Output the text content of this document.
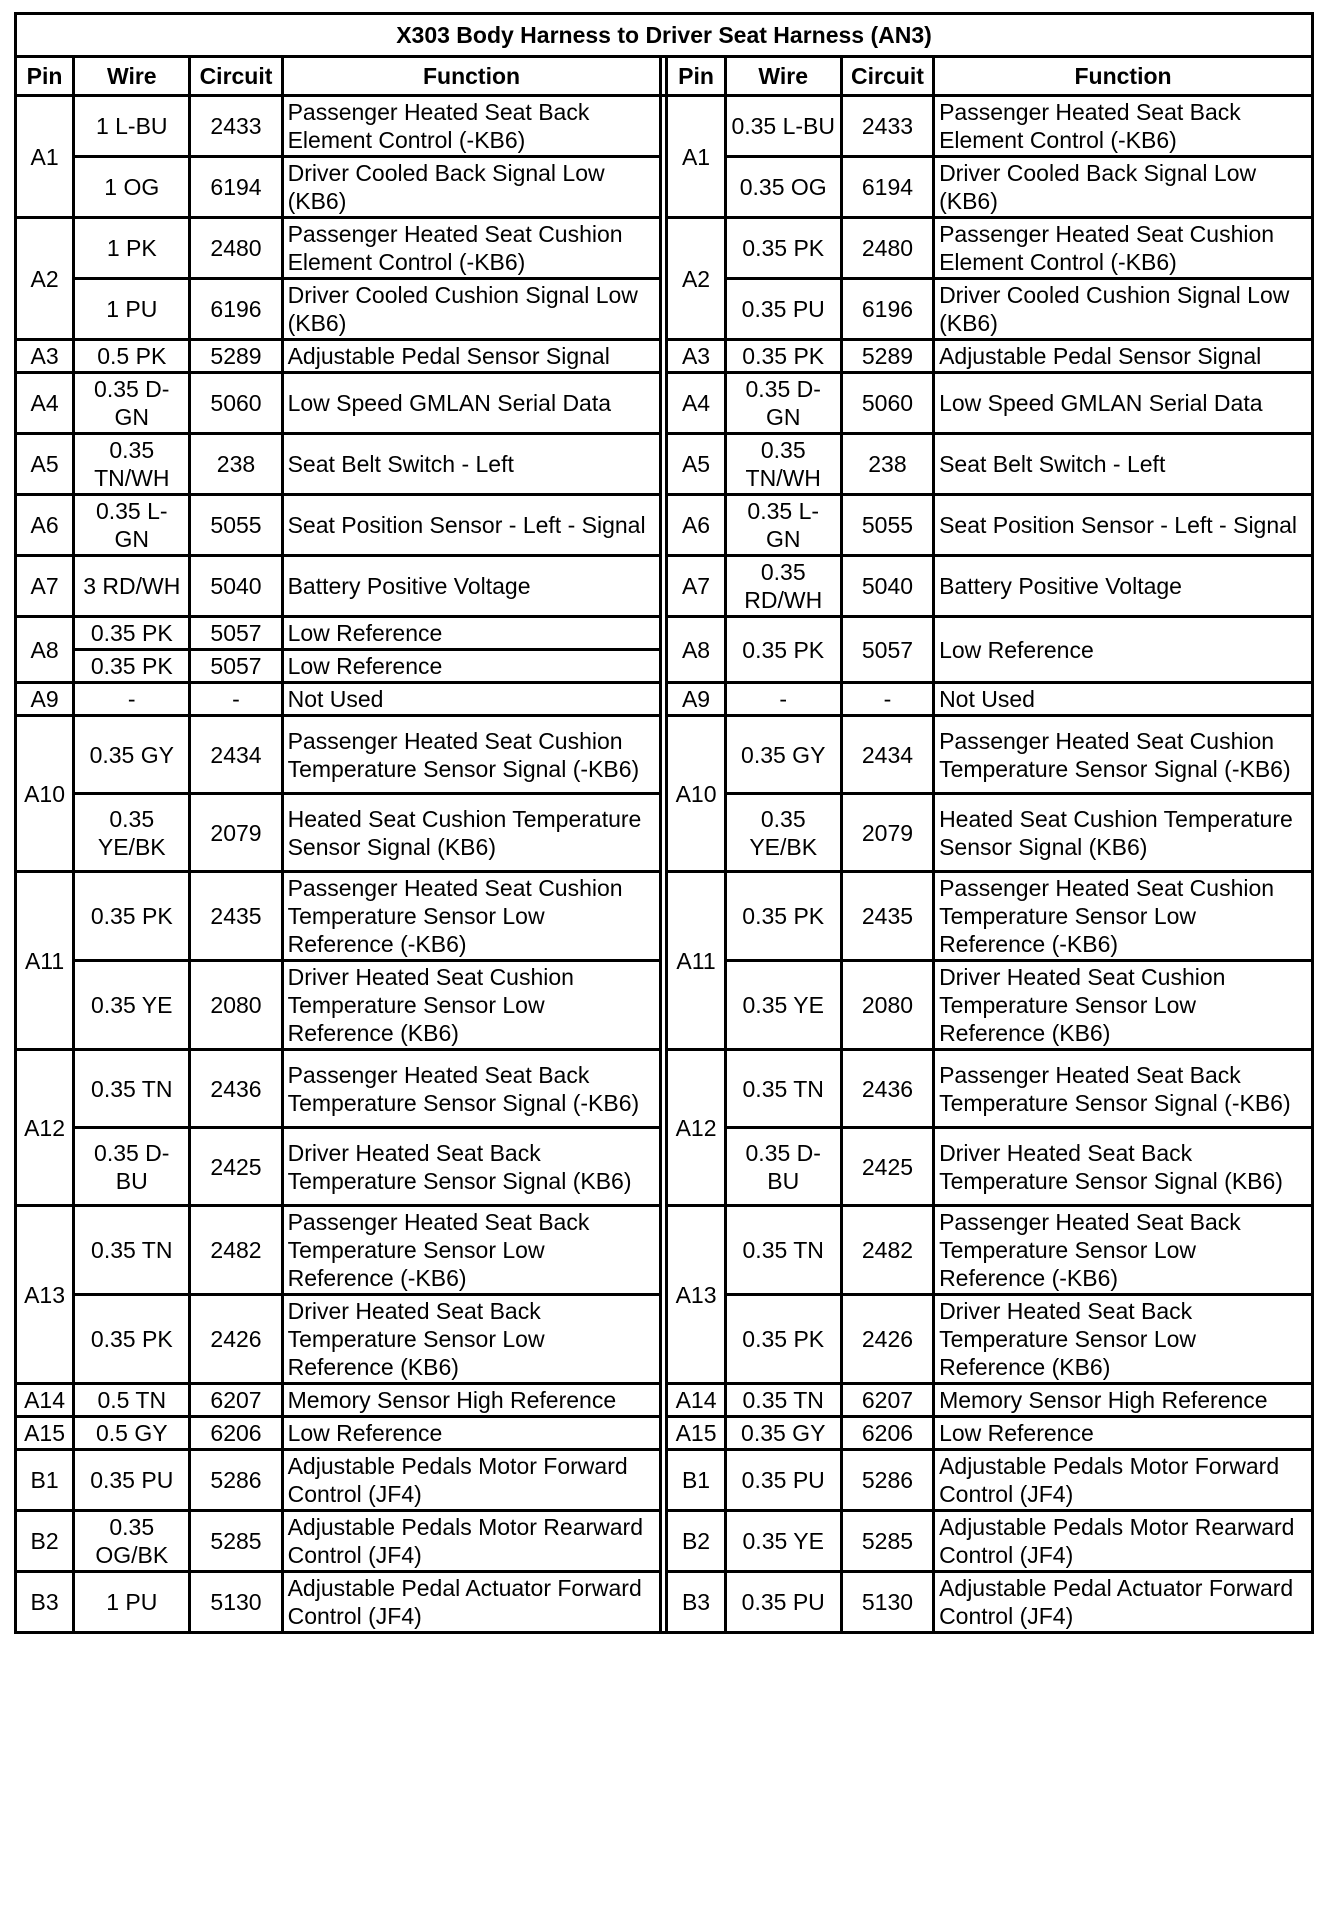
X303 Body Harness to Driver Seat Harness (AN3)								
Pin	Wire	Circuit	Function		Pin	Wire	Circuit	Function
A1	1 L-BU	2433	Passenger Heated Seat Back Element Control (-KB6)		A1	0.35 L-BU	2433	Passenger Heated Seat Back Element Control (-KB6)
	1 OG	6194	Driver Cooled Back Signal Low (KB6)			0.35 OG	6194	Driver Cooled Back Signal Low (KB6)
A2	1 PK	2480	Passenger Heated Seat Cushion Element Control (-KB6)		A2	0.35 PK	2480	Passenger Heated Seat Cushion Element Control (-KB6)
	1 PU	6196	Driver Cooled Cushion Signal Low (KB6)			0.35 PU	6196	Driver Cooled Cushion Signal Low (KB6)
A3	0.5 PK	5289	Adjustable Pedal Sensor Signal		A3	0.35 PK	5289	Adjustable Pedal Sensor Signal
A4	0.35 D-GN	5060	Low Speed GMLAN Serial Data		A4	0.35 D-GN	5060	Low Speed GMLAN Serial Data
A5	0.35 TN/WH	238	Seat Belt Switch - Left		A5	0.35 TN/WH	238	Seat Belt Switch - Left
A6	0.35 L-GN	5055	Seat Position Sensor - Left - Signal		A6	0.35 L-GN	5055	Seat Position Sensor - Left - Signal
A7	3 RD/WH	5040	Battery Positive Voltage		A7	0.35 RD/WH	5040	Battery Positive Voltage
A8	0.35 PK	5057	Low Reference		A8	0.35 PK	5057	Low Reference
	0.35 PK	5057	Low Reference					
A9	-	-	Not Used		A9	-	-	Not Used
A10	0.35 GY	2434	Passenger Heated Seat Cushion Temperature Sensor Signal (-KB6)		A10	0.35 GY	2434	Passenger Heated Seat Cushion Temperature Sensor Signal (-KB6)
	0.35 YE/BK	2079	Heated Seat Cushion Temperature Sensor Signal (KB6)			0.35 YE/BK	2079	Heated Seat Cushion Temperature Sensor Signal (KB6)
A11	0.35 PK	2435	Passenger Heated Seat Cushion Temperature Sensor Low Reference (-KB6)		A11	0.35 PK	2435	Passenger Heated Seat Cushion Temperature Sensor Low Reference (-KB6)
	0.35 YE	2080	Driver Heated Seat Cushion Temperature Sensor Low Reference (KB6)			0.35 YE	2080	Driver Heated Seat Cushion Temperature Sensor Low Reference (KB6)
A12	0.35 TN	2436	Passenger Heated Seat Back Temperature Sensor Signal (-KB6)		A12	0.35 TN	2436	Passenger Heated Seat Back Temperature Sensor Signal (-KB6)
	0.35 D-BU	2425	Driver Heated Seat Back Temperature Sensor Signal (KB6)			0.35 D-BU	2425	Driver Heated Seat Back Temperature Sensor Signal (KB6)
A13	0.35 TN	2482	Passenger Heated Seat Back Temperature Sensor Low Reference (-KB6)		A13	0.35 TN	2482	Passenger Heated Seat Back Temperature Sensor Low Reference (-KB6)
	0.35 PK	2426	Driver Heated Seat Back Temperature Sensor Low Reference (KB6)			0.35 PK	2426	Driver Heated Seat Back Temperature Sensor Low Reference (KB6)
A14	0.5 TN	6207	Memory Sensor High Reference		A14	0.35 TN	6207	Memory Sensor High Reference
A15	0.5 GY	6206	Low Reference		A15	0.35 GY	6206	Low Reference
B1	0.35 PU	5286	Adjustable Pedals Motor Forward Control (JF4)		B1	0.35 PU	5286	Adjustable Pedals Motor Forward Control (JF4)
B2	0.35 OG/BK	5285	Adjustable Pedals Motor Rearward Control (JF4)		B2	0.35 YE	5285	Adjustable Pedals Motor Rearward Control (JF4)
B3	1 PU	5130	Adjustable Pedal Actuator Forward Control (JF4)		B3	0.35 PU	5130	Adjustable Pedal Actuator Forward Control (JF4)
